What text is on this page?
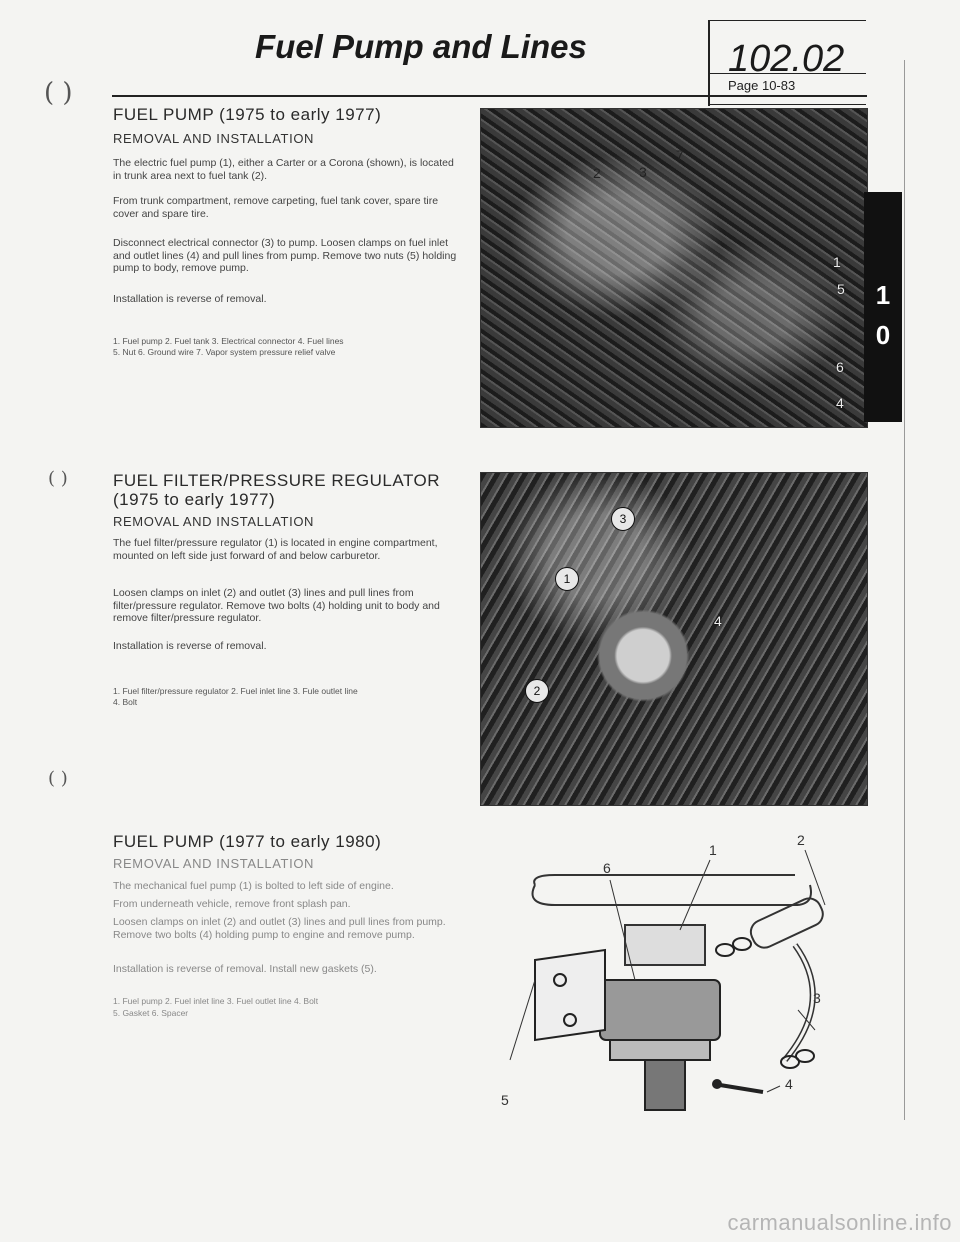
Fuel Pump and Lines	102.02
Page 10-83
( )
( )
( )
FUEL PUMP (1975 to early 1977)
REMOVAL AND INSTALLATION
The electric fuel pump (1), either a Carter or a Corona (shown), is located in trunk area next to fuel tank (2).
From trunk compartment, remove carpeting, fuel tank cover, spare tire cover and spare tire.
Disconnect electrical connector (3) to pump. Loosen clamps on fuel inlet and outlet lines (4) and pull lines from pump. Remove two nuts (5) holding pump to body, remove pump.
Installation is reverse of removal.
1. Fuel pump 2. Fuel tank 3. Electrical connector 4. Fuel lines
5. Nut 6. Ground wire 7. Vapor system pressure relief valve
7
2	3
1
5
6
4
1
0
FUEL FILTER/PRESSURE REGULATOR
(1975 to early 1977)
REMOVAL AND INSTALLATION
The fuel filter/pressure regulator (1) is located in engine compartment, mounted on left side just forward of and below carburetor.
Loosen clamps on inlet (2) and outlet (3) lines and pull lines from filter/pressure regulator. Remove two bolts (4) holding unit to body and remove filter/pressure regulator.
Installation is reverse of removal.
1. Fuel filter/pressure regulator 2. Fuel inlet line 3. Fule outlet line
4. Bolt
3
1
2
4
FUEL PUMP (1977 to early 1980)
REMOVAL AND INSTALLATION
The mechanical fuel pump (1) is bolted to left side of engine.
From underneath vehicle, remove front splash pan.
Loosen clamps on inlet (2) and outlet (3) lines and pull lines from pump. Remove two bolts (4) holding pump to engine and remove pump.
Installation is reverse of removal. Install new gaskets (5).
1. Fuel pump 2. Fuel inlet line 3. Fuel outlet line 4. Bolt
5. Gasket 6. Spacer
2
6
1
3
4
5
carmanualsonline.info
